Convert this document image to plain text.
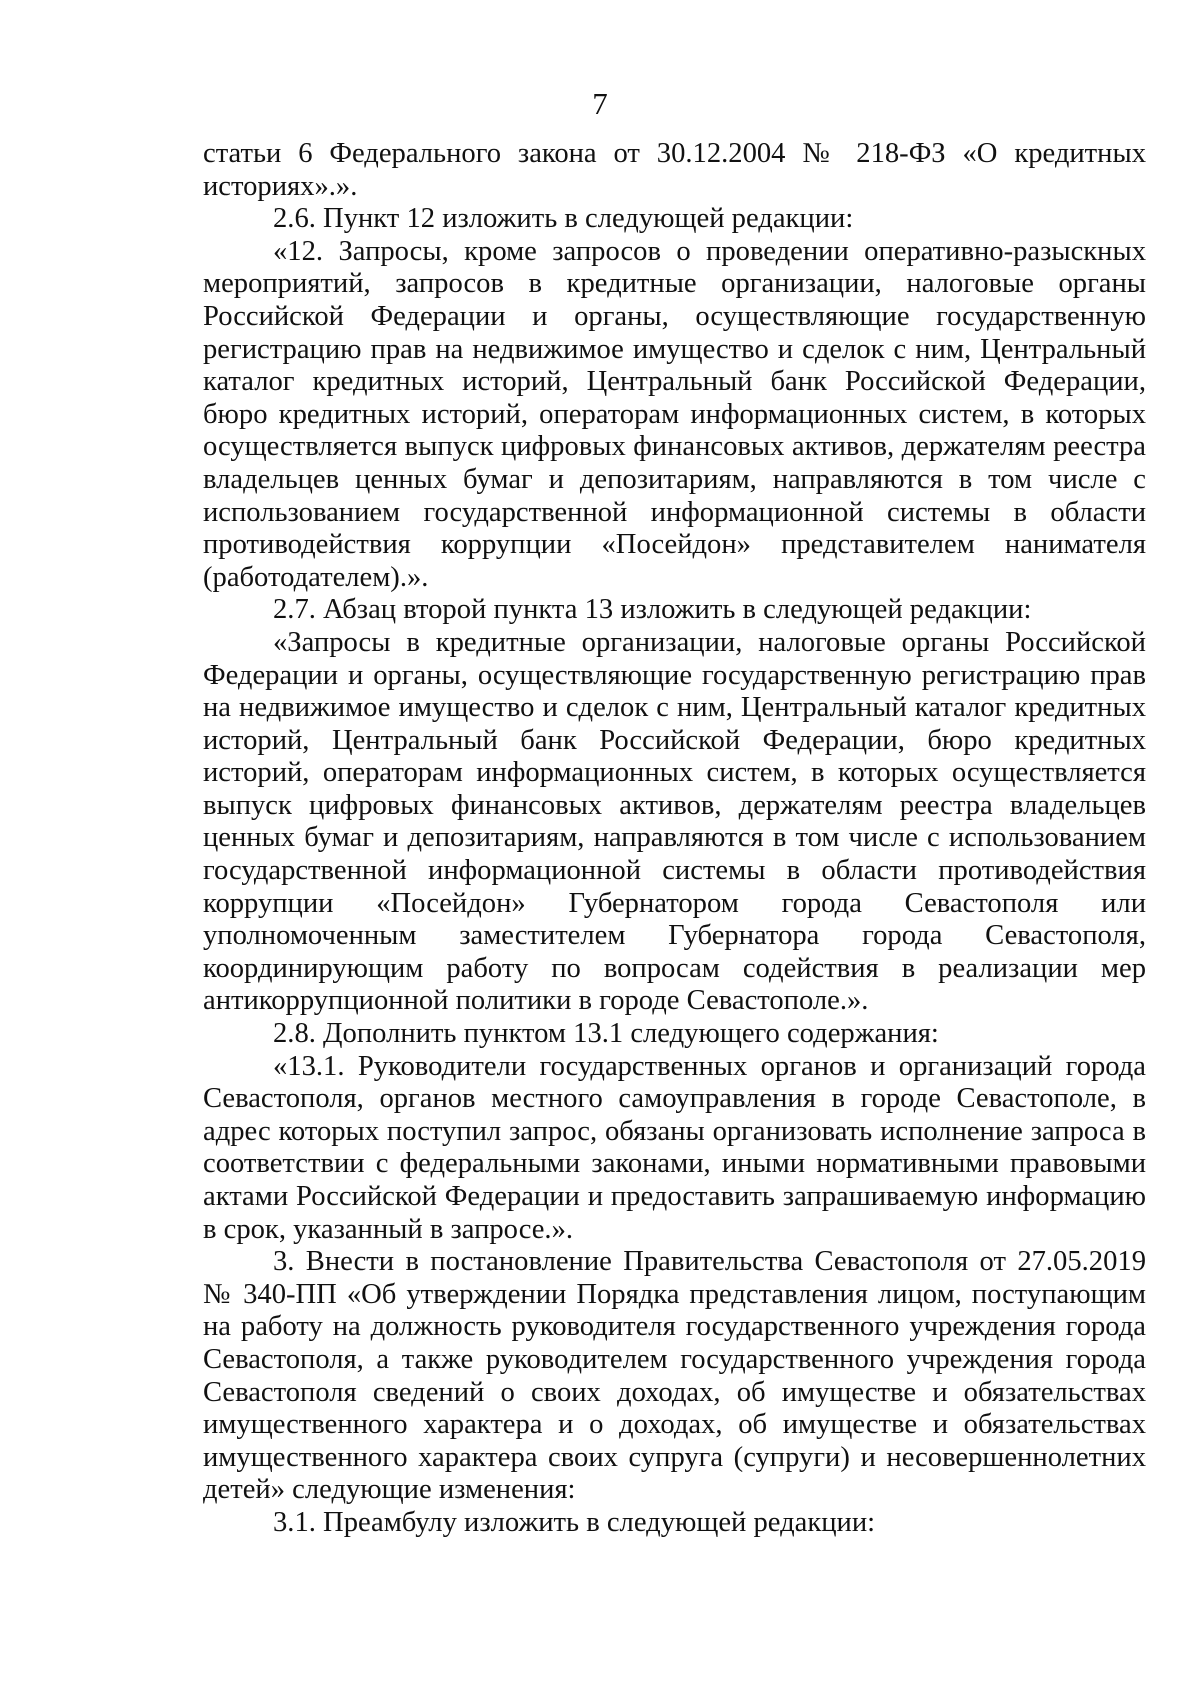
7

статьи 6 Федерального закона от 30.12.2004 № 218-ФЗ «О кредитных историях».».

2.6. Пункт 12 изложить в следующей редакции:

«12. Запросы, кроме запросов о проведении оперативно-разыскных мероприятий, запросов в кредитные организации, налоговые органы Российской Федерации и органы, осуществляющие государственную регистрацию прав на недвижимое имущество и сделок с ним, Центральный каталог кредитных историй, Центральный банк Российской Федерации, бюро кредитных историй, операторам информационных систем, в которых осуществляется выпуск цифровых финансовых активов, держателям реестра владельцев ценных бумаг и депозитариям, направляются в том числе с использованием государственной информационной системы в области противодействия коррупции «Посейдон» представителем нанимателя (работодателем).».

2.7. Абзац второй пункта 13 изложить в следующей редакции:

«Запросы в кредитные организации, налоговые органы Российской Федерации и органы, осуществляющие государственную регистрацию прав на недвижимое имущество и сделок с ним, Центральный каталог кредитных историй, Центральный банк Российской Федерации, бюро кредитных историй, операторам информационных систем, в которых осуществляется выпуск цифровых финансовых активов, держателям реестра владельцев ценных бумаг и депозитариям, направляются в том числе с использованием государственной информационной системы в области противодействия коррупции «Посейдон» Губернатором города Севастополя или уполномоченным заместителем Губернатора города Севастополя, координирующим работу по вопросам содействия в реализации мер антикоррупционной политики в городе Севастополе.».

2.8. Дополнить пунктом 13.1 следующего содержания:

«13.1. Руководители государственных органов и организаций города Севастополя, органов местного самоуправления в городе Севастополе, в адрес которых поступил запрос, обязаны организовать исполнение запроса в соответствии с федеральными законами, иными нормативными правовыми актами Российской Федерации и предоставить запрашиваемую информацию в срок, указанный в запросе.».

3. Внести в постановление Правительства Севастополя от 27.05.2019 № 340-ПП «Об утверждении Порядка представления лицом, поступающим на работу на должность руководителя государственного учреждения города Севастополя, а также руководителем государственного учреждения города Севастополя сведений о своих доходах, об имуществе и обязательствах имущественного характера и о доходах, об имуществе и обязательствах имущественного характера своих супруга (супруги) и несовершеннолетних детей» следующие изменения:

3.1. Преамбулу изложить в следующей редакции:
